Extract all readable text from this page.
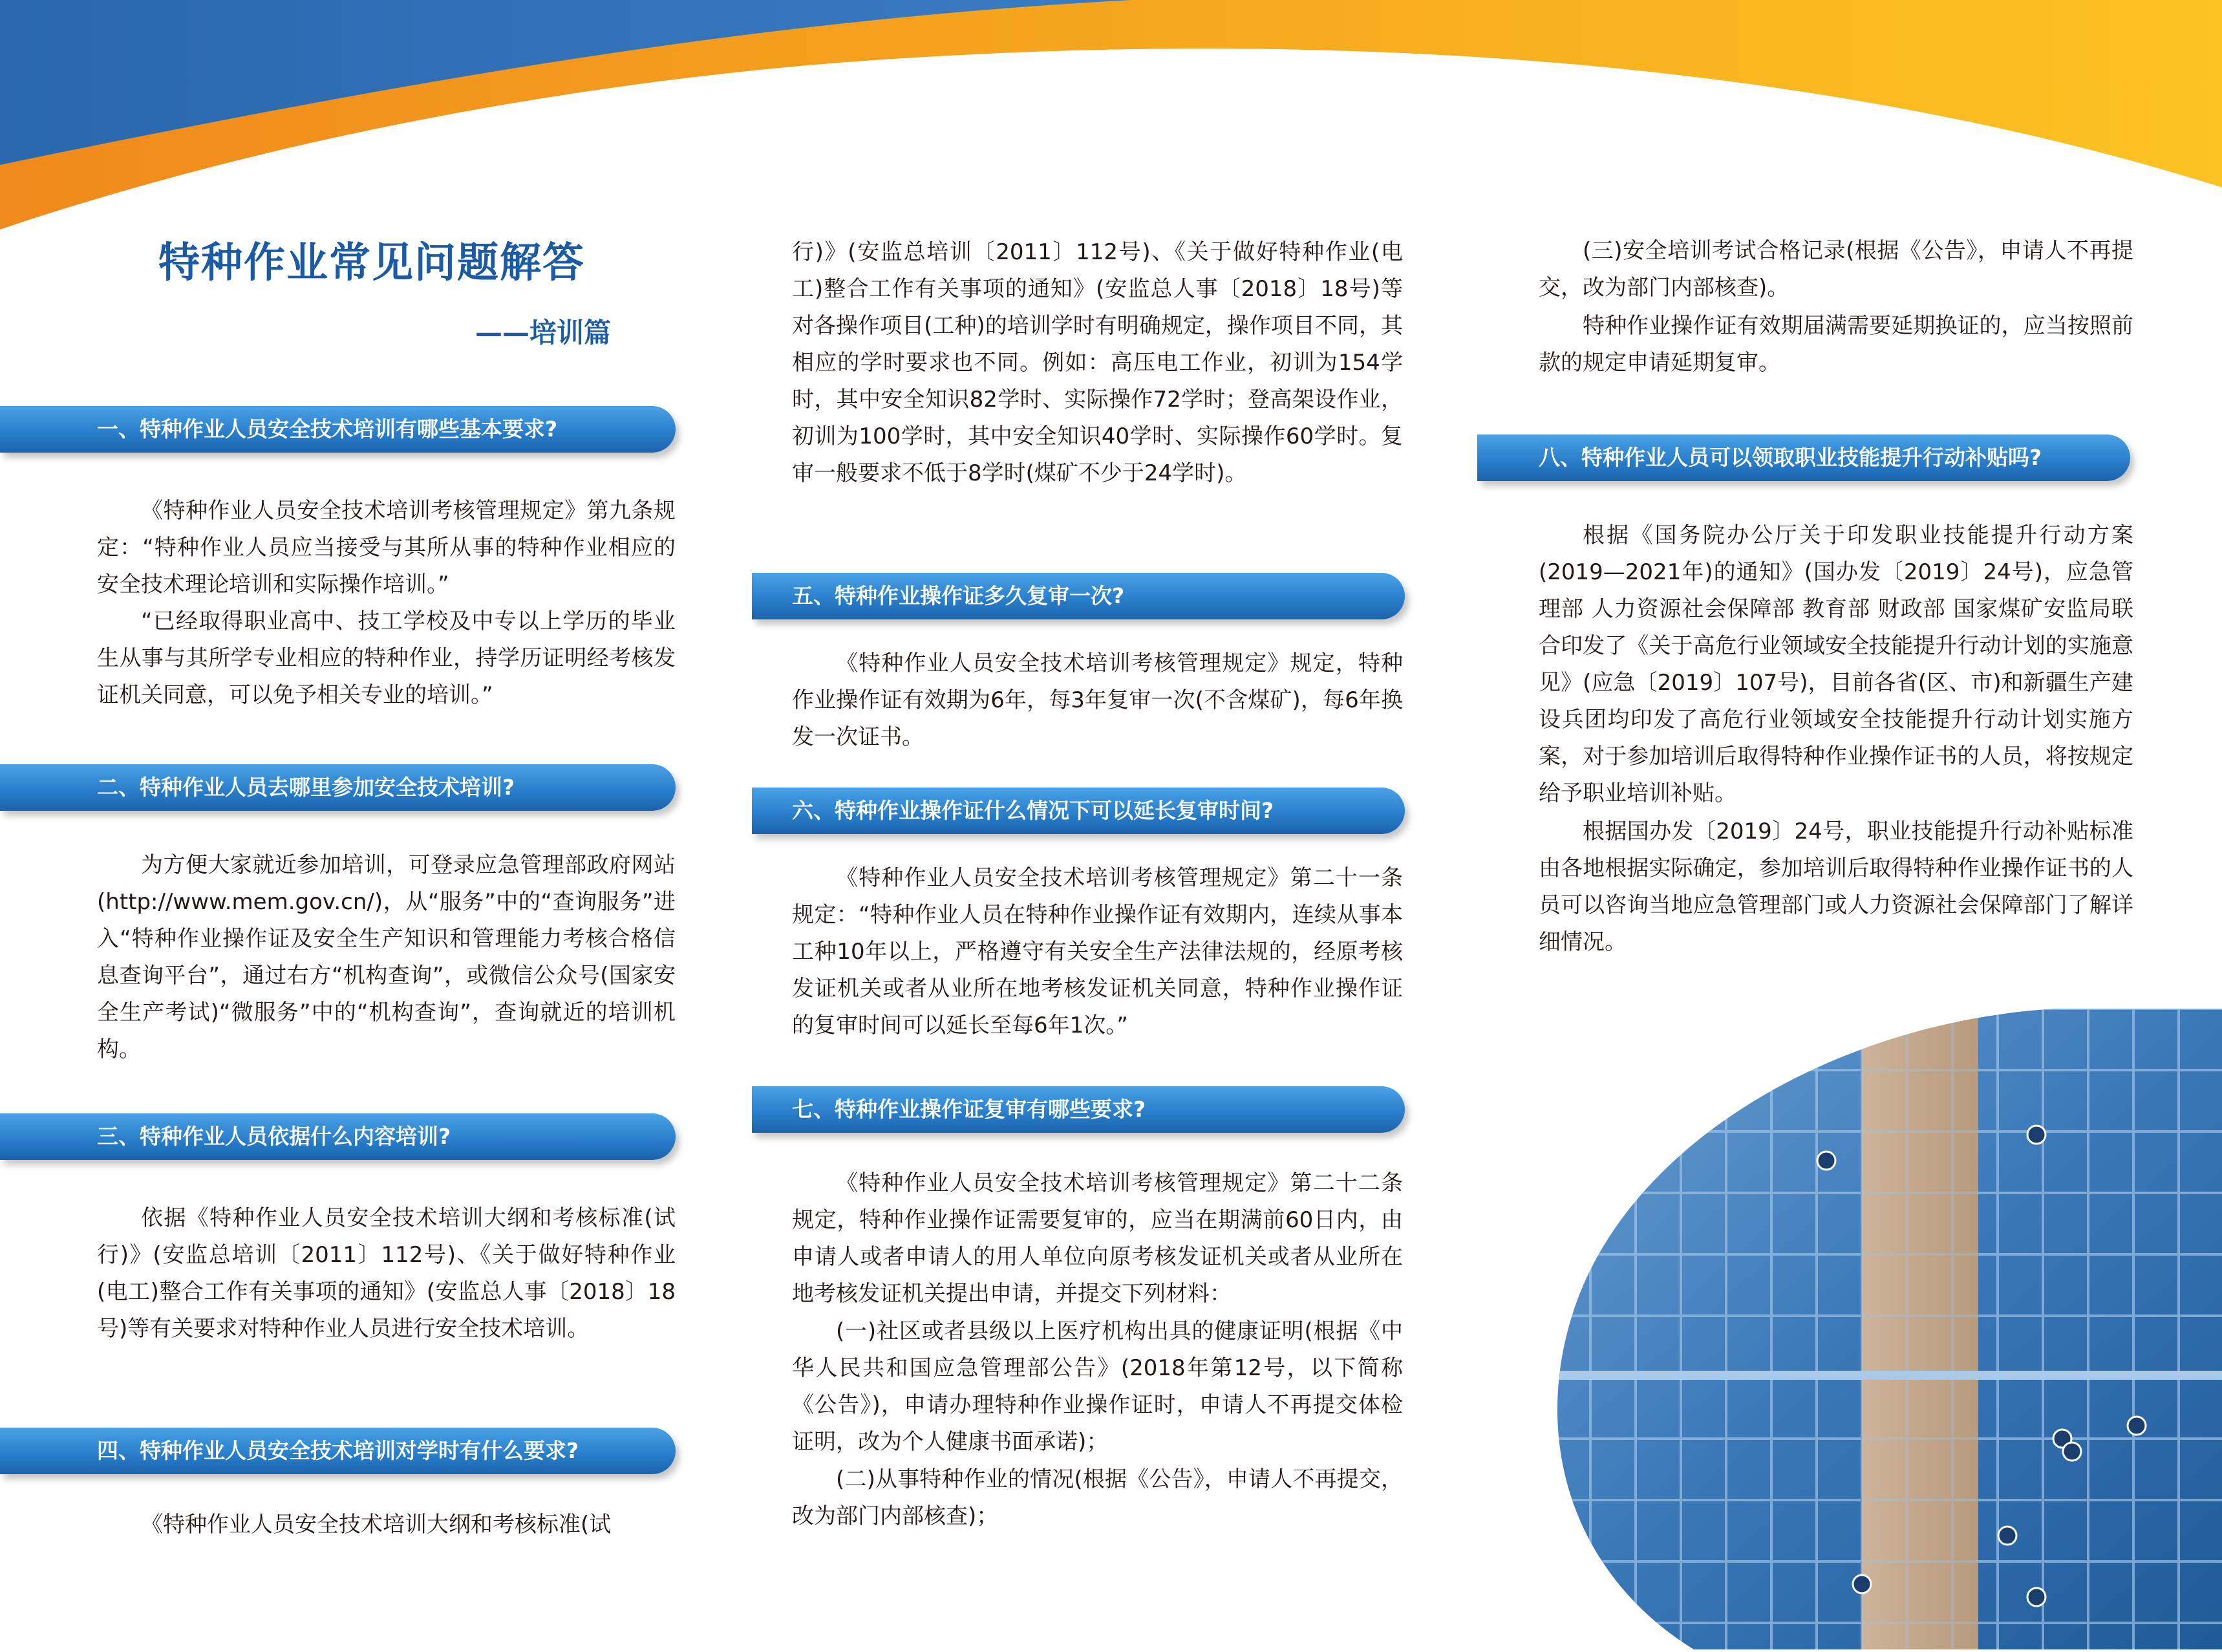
特种作业常见问题解答
——培训篇
一、特种作业人员安全技术培训有哪些基本要求?

《特种作业人员安全技术培训考核管理规定》第九条规定：“特种作业人员应当接受与其所从事的特种作业相应的安全技术理论培训和实际操作培训。”

“已经取得职业高中、技工学校及中专以上学历的毕业生从事与其所学专业相应的特种作业，持学历证明经考核发证机关同意，可以免予相关专业的培训。”

二、特种作业人员去哪里参加安全技术培训?

为方便大家就近参加培训，可登录应急管理部政府网站(http://www.mem.gov.cn/)，从“服务”中的“查询服务”进入“特种作业操作证及安全生产知识和管理能力考核合格信息查询平台”，通过右方“机构查询”，或微信公众号(国家安全生产考试)“微服务”中的“机构查询”，查询就近的培训机构。

三、特种作业人员依据什么内容培训?

依据《特种作业人员安全技术培训大纲和考核标准(试行)》(安监总培训〔2011〕112号)、《关于做好特种作业(电工)整合工作有关事项的通知》(安监总人事〔2018〕18号)等有关要求对特种作业人员进行安全技术培训。

四、特种作业人员安全技术培训对学时有什么要求?

《特种作业人员安全技术培训大纲和考核标准(试

行)》(安监总培训〔2011〕112号)、《关于做好特种作业(电工)整合工作有关事项的通知》(安监总人事〔2018〕18号)等对各操作项目(工种)的培训学时有明确规定，操作项目不同，其相应的学时要求也不同。例如：高压电工作业，初训为154学时，其中安全知识82学时、实际操作72学时；登高架设作业，初训为100学时，其中安全知识40学时、实际操作60学时。复审一般要求不低于8学时(煤矿不少于24学时)。

五、特种作业操作证多久复审一次?

《特种作业人员安全技术培训考核管理规定》规定，特种作业操作证有效期为6年，每3年复审一次(不含煤矿)，每6年换发一次证书。

六、特种作业操作证什么情况下可以延长复审时间?

《特种作业人员安全技术培训考核管理规定》第二十一条规定：“特种作业人员在特种作业操作证有效期内，连续从事本工种10年以上，严格遵守有关安全生产法律法规的，经原考核发证机关或者从业所在地考核发证机关同意，特种作业操作证的复审时间可以延长至每6年1次。”

七、特种作业操作证复审有哪些要求?

《特种作业人员安全技术培训考核管理规定》第二十二条规定，特种作业操作证需要复审的，应当在期满前60日内，由申请人或者申请人的用人单位向原考核发证机关或者从业所在地考核发证机关提出申请，并提交下列材料：

(一)社区或者县级以上医疗机构出具的健康证明(根据《中华人民共和国应急管理部公告》(2018年第12号，以下简称《公告》)，申请办理特种作业操作证时，申请人不再提交体检证明，改为个人健康书面承诺)；

(二)从事特种作业的情况(根据《公告》，申请人不再提交，改为部门内部核查)；

(三)安全培训考试合格记录(根据《公告》，申请人不再提交，改为部门内部核查)。

特种作业操作证有效期届满需要延期换证的，应当按照前款的规定申请延期复审。

八、特种作业人员可以领取职业技能提升行动补贴吗?

根据《国务院办公厅关于印发职业技能提升行动方案(2019—2021年)的通知》(国办发〔2019〕24号)，应急管理部 人力资源社会保障部 教育部 财政部 国家煤矿安监局联合印发了《关于高危行业领域安全技能提升行动计划的实施意见》(应急〔2019〕107号)，目前各省(区、市)和新疆生产建设兵团均印发了高危行业领域安全技能提升行动计划实施方案，对于参加培训后取得特种作业操作证书的人员，将按规定给予职业培训补贴。

根据国办发〔2019〕24号，职业技能提升行动补贴标准由各地根据实际确定，参加培训后取得特种作业操作证书的人员可以咨询当地应急管理部门或人力资源社会保障部门了解详细情况。
